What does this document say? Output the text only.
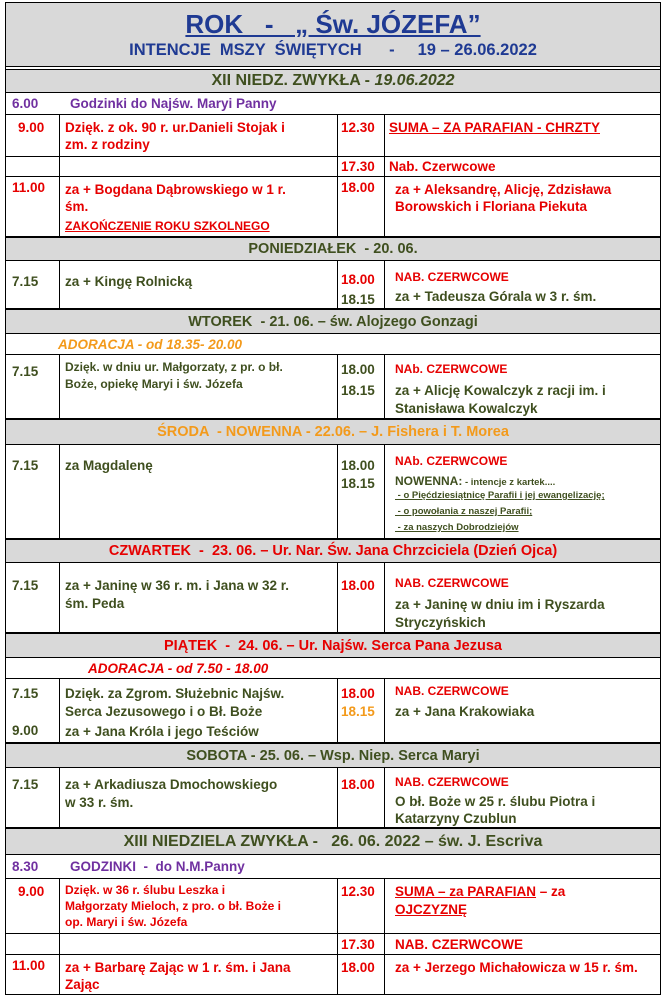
ROK   -   „ Św. JÓZEFA”
INTENCJE  MSZY  ŚWIĘTYCH      -     19 – 26.06.2022
XII NIEDZ. ZWYKŁA - 19.06.2022
6.00 Godzinki do Najśw. Maryi Panny
9.00 Dzięk. z ok. 90 r. ur.Danieli Stojak i
zm. z rodziny
12.30 SUMA – ZA PARAFIAN - CHRZTY
17.30 Nab. Czerwcowe
11.00 za + Bogdana Dąbrowskiego w 1 r.
śm.
ZAKOŃCZENIE ROKU SZKOLNEGO
18.00 za + Aleksandrę, Alicję, Zdzisława
Borowskich i Floriana Piekuta
PONIEDZIAŁEK  - 20. 06.
7.15 za + Kingę Rolnicką	18.00
18.15
NAB. CZERWCOWE
za + Tadeusza Górala w 3 r. śm.
WTOREK  - 21. 06. – św. Alojzego Gonzagi
ADORACJA - od 18.35- 20.00
7.15 Dzięk. w dniu ur. Małgorzaty, z pr. o bł.
Boże, opiekę Maryi i św. Józefa
18.00
18.15
NAb. CZERWCOWE
za + Alicję Kowalczyk z racji im. i
Stanisława Kowalczyk
ŚRODA  - NOWENNA - 22.06. – J. Fishera i T. Morea
7.15 za Magdalenę	18.00
18.15
NAb. CZERWCOWE
NOWENNA: - intencje z kartek....
- o Pięćdziesiątnicę Parafii i jej ewangelizację;
- o powołania z naszej Parafii;
- za naszych Dobrodziejów
CZWARTEK  -  23. 06. – Ur. Nar. Św. Jana Chrzciciela (Dzień Ojca)
7.15 za + Janinę w 36 r. m. i Jana w 32 r.
śm. Peda
18.00 NAB. CZERWCOWE
za + Janinę w dniu im i Ryszarda
Stryczyńskich
PIĄTEK  -  24. 06. – Ur. Najśw. Serca Pana Jezusa
ADORACJA - od 7.50 - 18.00
7.15
9.00
Dzięk. za Zgrom. Służebnic Najśw.
Serca Jezusowego i o Bł. Boże
za + Jana Króla i jego Teściów
18.00
18.15
NAB. CZERWCOWE
za + Jana Krakowiaka
SOBOTA - 25. 06. – Wsp. Niep. Serca Maryi
7.15 za + Arkadiusza Dmochowskiego
w 33 r. śm.
18.00 NAB. CZERWCOWE
O bł. Boże w 25 r. ślubu Piotra i
Katarzyny Czublun
XIII NIEDZIELA ZWYKŁA -   26. 06. 2022 – św. J. Escriva
8.30 GODZINKI  -  do N.M.Panny
9.00 Dzięk. w 36 r. ślubu Leszka i
Małgorzaty Mieloch, z pro. o bł. Boże i
op. Maryi i św. Józefa
12.30 SUMA – za PARAFIAN – za
OJCZYZNĘ
17.30 NAB. CZERWCOWE
11.00 za + Barbarę Zając w 1 r. śm. i Jana
Zając
18.00 za + Jerzego Michałowicza w 15 r. śm.
